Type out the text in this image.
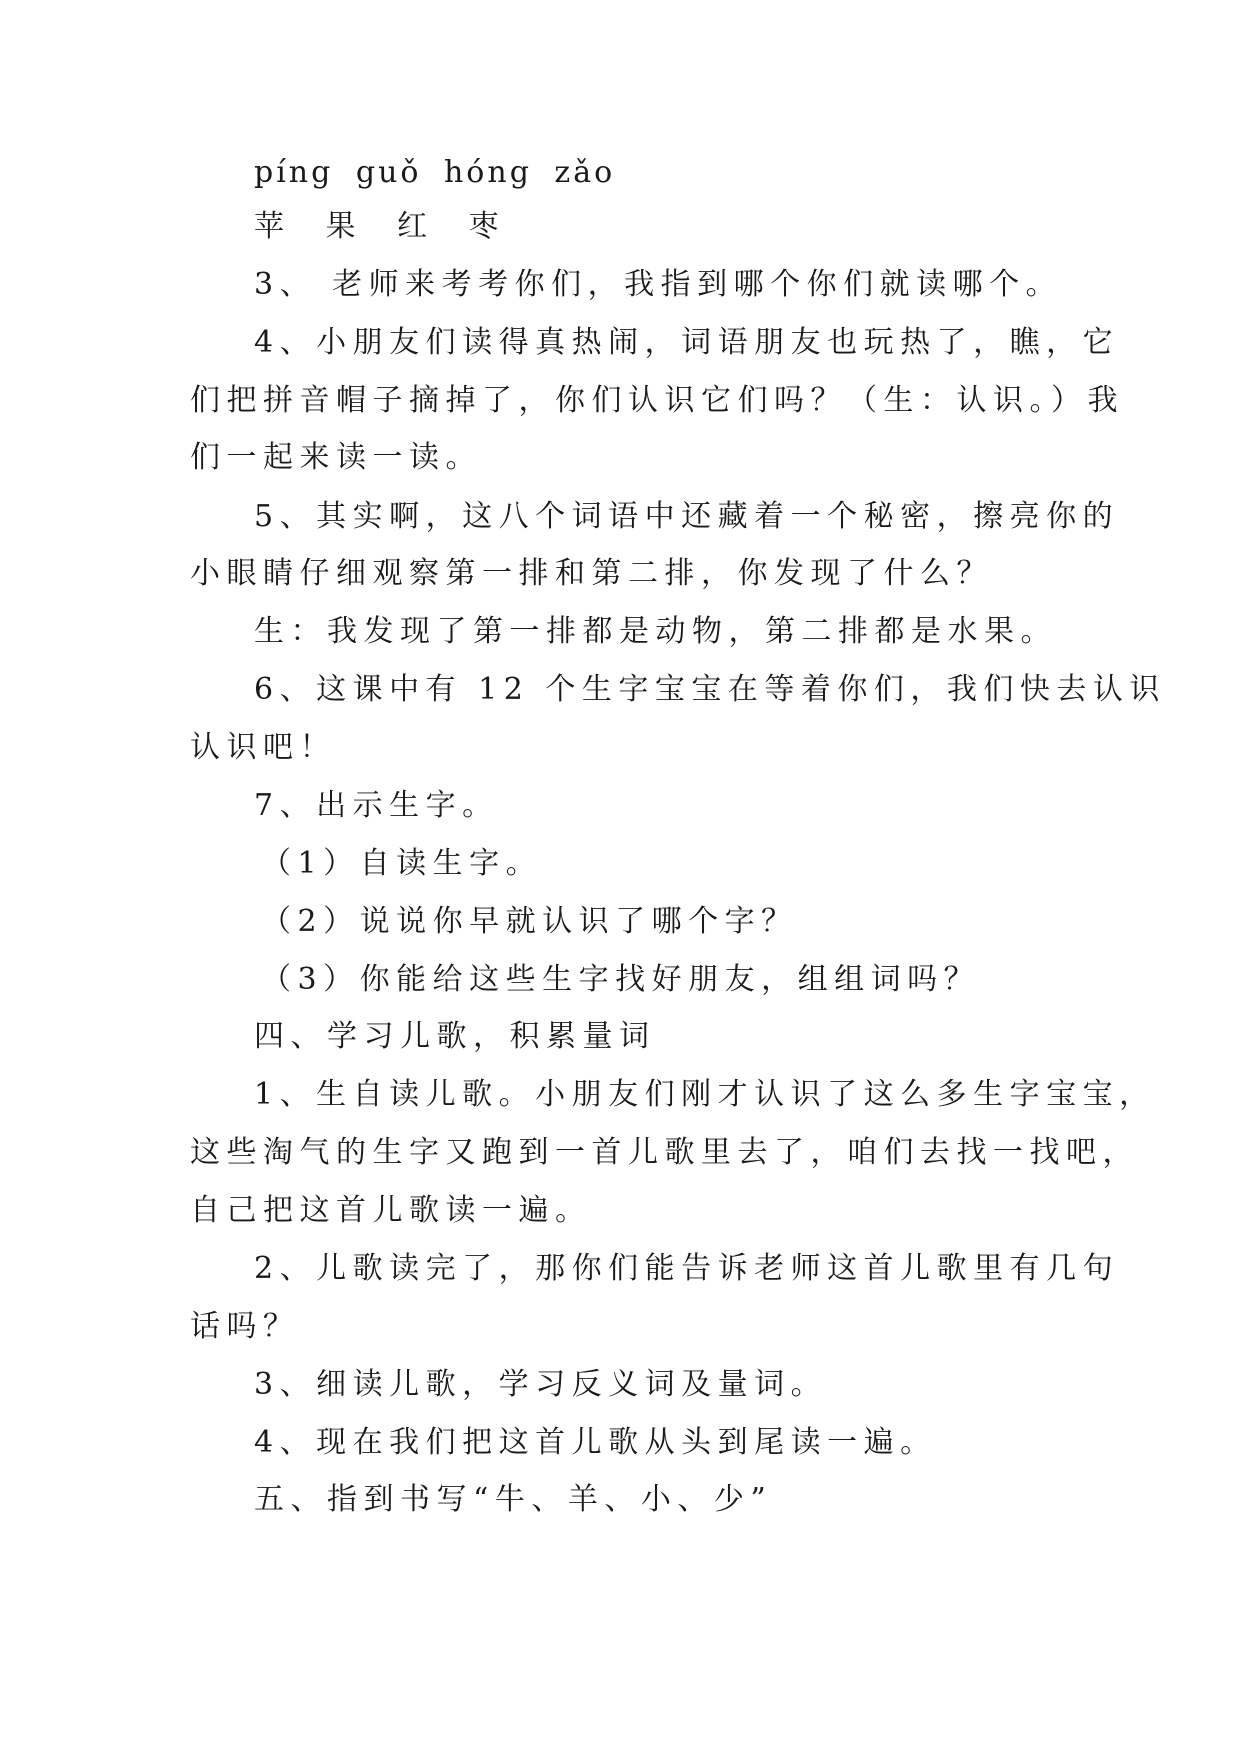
píng guǒ hóng zǎo

苹 果 红 枣

3、 老师来考考你们，我指到哪个你们就读哪个。

4、小朋友们读得真热闹，词语朋友也玩热了，瞧，它

们把拼音帽子摘掉了，你们认识它们吗？（生：认识。）我

们一起来读一读。

5、其实啊，这八个词语中还藏着一个秘密，擦亮你的

小眼睛仔细观察第一排和第二排，你发现了什么？

生：我发现了第一排都是动物，第二排都是水果。

6、这课中有 12 个生字宝宝在等着你们，我们快去认识

认识吧！

7、出示生字。

（1）自读生字。

（2）说说你早就认识了哪个字？

（3）你能给这些生字找好朋友，组组词吗？

四、学习儿歌，积累量词

1、生自读儿歌。小朋友们刚才认识了这么多生字宝宝，

这些淘气的生字又跑到一首儿歌里去了，咱们去找一找吧，

自己把这首儿歌读一遍。

2、儿歌读完了，那你们能告诉老师这首儿歌里有几句

话吗？

3、细读儿歌，学习反义词及量词。

4、现在我们把这首儿歌从头到尾读一遍。

五、指到书写“牛、羊、小、少”
